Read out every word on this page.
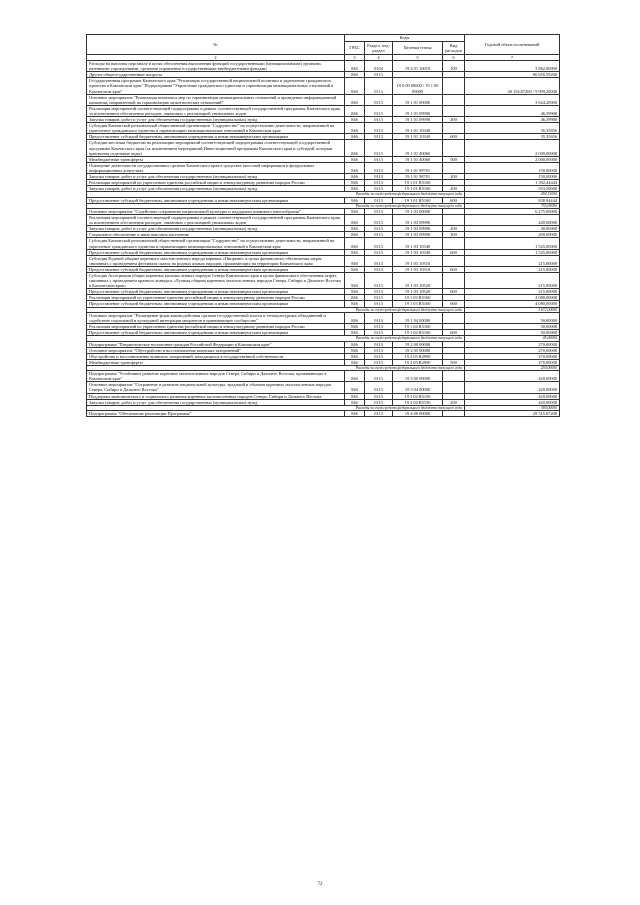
№	Коды				Годовой объем ассигнований
	ГРБС	Раздел, под-раздел	Целевая статья	Вид расходов	
2	3	4	5	6	7
Расходы на выплаты персоналу в целях обеспечения выполнения функций государственными (муниципальными) органами, казенными учреждениями, органами управления государственными внебюджетными фондами	846	0104	19 4 01 10010	100	3 862,00000
Другие общегосударственные вопросы	846	0113			86 650,59200
Государственная программа Камчатского края "Реализация государственной национальной политики и укрепление гражданского единства в Камчатском крае" Подпрограмма "Укрепление гражданского единства и гармонизация межнациональных отношений в Камчатском крае"	846	0113	19 0 00 00000 / 19 1 00 00000		40 154,87200 / 9 909,20000
Основное мероприятие "Реализация комплекса мер по гармонизации межнациональных отношений и проведение информационной кампании, направленной на гармонизацию межэтнических отношений"	846	0113	19 1 01 00000		3 624,20000
Реализация мероприятий соответствующей подпрограммы в рамках соответствующей государственной программы Камчатского края, за исключением обеспечения расходов, связанных с реализацией уникальных кодов	846	0113	19 1 01 09990		46,39900
Закупка товаров, работ и услуг для обеспечения государственных (муниципальных) нужд	846	0113	19 1 01 09990	200	46,39900
Субсидия Камчатской региональной общественной организации "Содружество" на осуществление деятельности, направленной на укрепление гражданского единства и гармонизацию межнациональных отношений в Камчатском крае	846	0113	19 1 01 10340		35,35656
Предоставление субсидий бюджетным, автономным учреждениям и иным некоммерческим организациям	846	0113	19 1 01 10340	600	35,35656
Субсидии местным бюджетам на реализацию мероприятий соответствующей подпрограммы соответствующей государственной программы Камчатского края (за исключением мероприятий Инвестиционной программы Камчатского края и субсидий, которым присвоены отдельные коды)	846	0113	19 1 01 40060		2 000,00000
Межбюджетные трансферты	846	0113	19 1 01 40060	500	2 000,00000
Освещение деятельности государственных органов Камчатского края в средствах массовой информации и федеральных информационных агентствах	846	0113	19 1 01 98701		150,00000
Закупка товаров, работ и услуг для обеспечения государственных (муниципальных) нужд	846	0113	19 1 01 98701	200	150,00000
Реализация мероприятий по укреплению единства российской нации и этнокультурному развитию народов России	846	0113	19 1 01 R5160		1 392,44444
Закупка товаров, работ и услуг для обеспечения государственных (муниципальных) нужд	846	0113	19 1 01 R5160	200	553,50000
Расходы за счет средств федерального бюджета текущего года					494,15000
Предоставление субсидий бюджетным, автономным учреждениям и иным некоммерческим организациям	846	0113	19 1 01 R5160	600	838,94444
Расходы за счет средств федерального бюджета текущего года					755,05000
Основное мероприятие "Содействие сохранению национальной культуры и поддержка языкового многообразия"	846	0113	19 1 03 00000		6 275,00000
Реализация мероприятий соответствующей подпрограммы в рамках соответствующей государственной программы Камчатского края, за исключением обеспечения расходов, связанных с реализацией уникальных кодов	846	0113	19 1 03 09990		240,00000
Закупка товаров, работ и услуг для обеспечения государственных (муниципальных) нужд	846	0113	19 1 03 09990	200	40,00000
Социальное обеспечение и иные выплаты населению	846	0113	19 1 03 09990	300	200,00000
Субсидия Камчатской региональной общественной организации "Содружество" на осуществление деятельности, направленной на укрепление гражданского единства и гармонизацию межнациональных отношений в Камчатском крае	846	0113	19 1 03 10340		1 525,00000
Предоставление субсидий бюджетным, автономным учреждениям и иным некоммерческим организациям	846	0113	19 1 03 10340	600	1 525,00000
Субсидия Родовой общине коренного малочисленного народа карюков «Пипрыне» в целях финансового обеспечения затрат, связанных с проведением фестиваля сказок на родных языках народов, проживающих на территории Камчатского края	846	0113	19 1 03 10510		215,00000
Предоставление субсидий бюджетным, автономным учреждениям и иным некоммерческим организациям	846	0113	19 1 03 10510	600	215,00000
Субсидия Ассоциации общин коренных малочисленных народов Севера Камчатского края в целях финансового обеспечения затрат, связанных с проведением краевого конкурса «Лучшая община коренных малочисленных народов Севера, Сибири и Дальнего Востока в Камчатском крае»	846	0113	19 1 03 10520		215,00000
Предоставление субсидий бюджетным, автономным учреждениям и иным некоммерческим организациям	846	0113	19 1 03 10520	600	215,00000
Реализация мероприятий по укреплению единства российской нации и этнокультурному развитию народов России	846	0113	19 1 03 R5160		4 080,00000
Предоставление субсидий бюджетным, автономным учреждениям и иным некоммерческим организациям	846	0113	19 1 03 R5160	600	4 080,00000
Расходы за счет средств федерального бюджета текущего года					3 672,00000
Основное мероприятие "Расширение форм взаимодействия органов государственной власти и этнокультурных объединений и содействие социальной и культурной интеграции мигрантов в принимающее сообщество"	846	0113	19 1 04 00000		50,00000
Реализация мероприятий по укреплению единства российской нации и этнокультурному развитию народов России	846	0113	19 1 04 R5160		50,00000
Предоставление субсидий бюджетным, автономным учреждениям и иным некоммерческим организациям	846	0113	19 1 04 R5160	600	50,00000
Расходы за счет средств федерального бюджета текущего года					45,00000
Подпрограмма "Патриотическое воспитание граждан Российской Федерации в Камчатском крае"	846	0113	19 2 00 00000		270,00000
Основное мероприятие "Обустройство и восстановление воинских захоронений"	846	0113	19 2 05 00000		270,00000
Обустройство и восстановление воинских захоронений, находящихся в государственной собственности	846	0113	19 2 05 R2990		270,00000
Межбюджетные трансферты	846	0113	19 2 05 R2990	500	270,00000
Расходы за счет средств федерального бюджета текущего года					250,00000
Подпрограмма "Устойчивое развитие коренных малочисленных народов Севера, Сибири и Дальнего Востока, проживающих в Камчатском крае"	846	0113	19 3 00 00000		420,00000
Основное мероприятие "Сохранение и развитие национальной культуры, традиций и обычаев коренных малочисленных народов Севера, Сибири и Дальнего Востока"	846	0113	19 3 04 00000		420,00000
Поддержка экономического и социального развития коренных малочисленных народов Севера, Сибири и Дальнего Востока	846	0113	19 3 04 R5150		420,00000
Закупка товаров, работ и услуг для обеспечения государственных (муниципальных) нужд	846	0113	19 3 04 R5150	200	420,00000
Расходы за счет средств федерального бюджета текущего года					380,00000
Подпрограмма "Обеспечение реализации Программы"	846	0113	19 4 00 00000		29 515,67200
72
